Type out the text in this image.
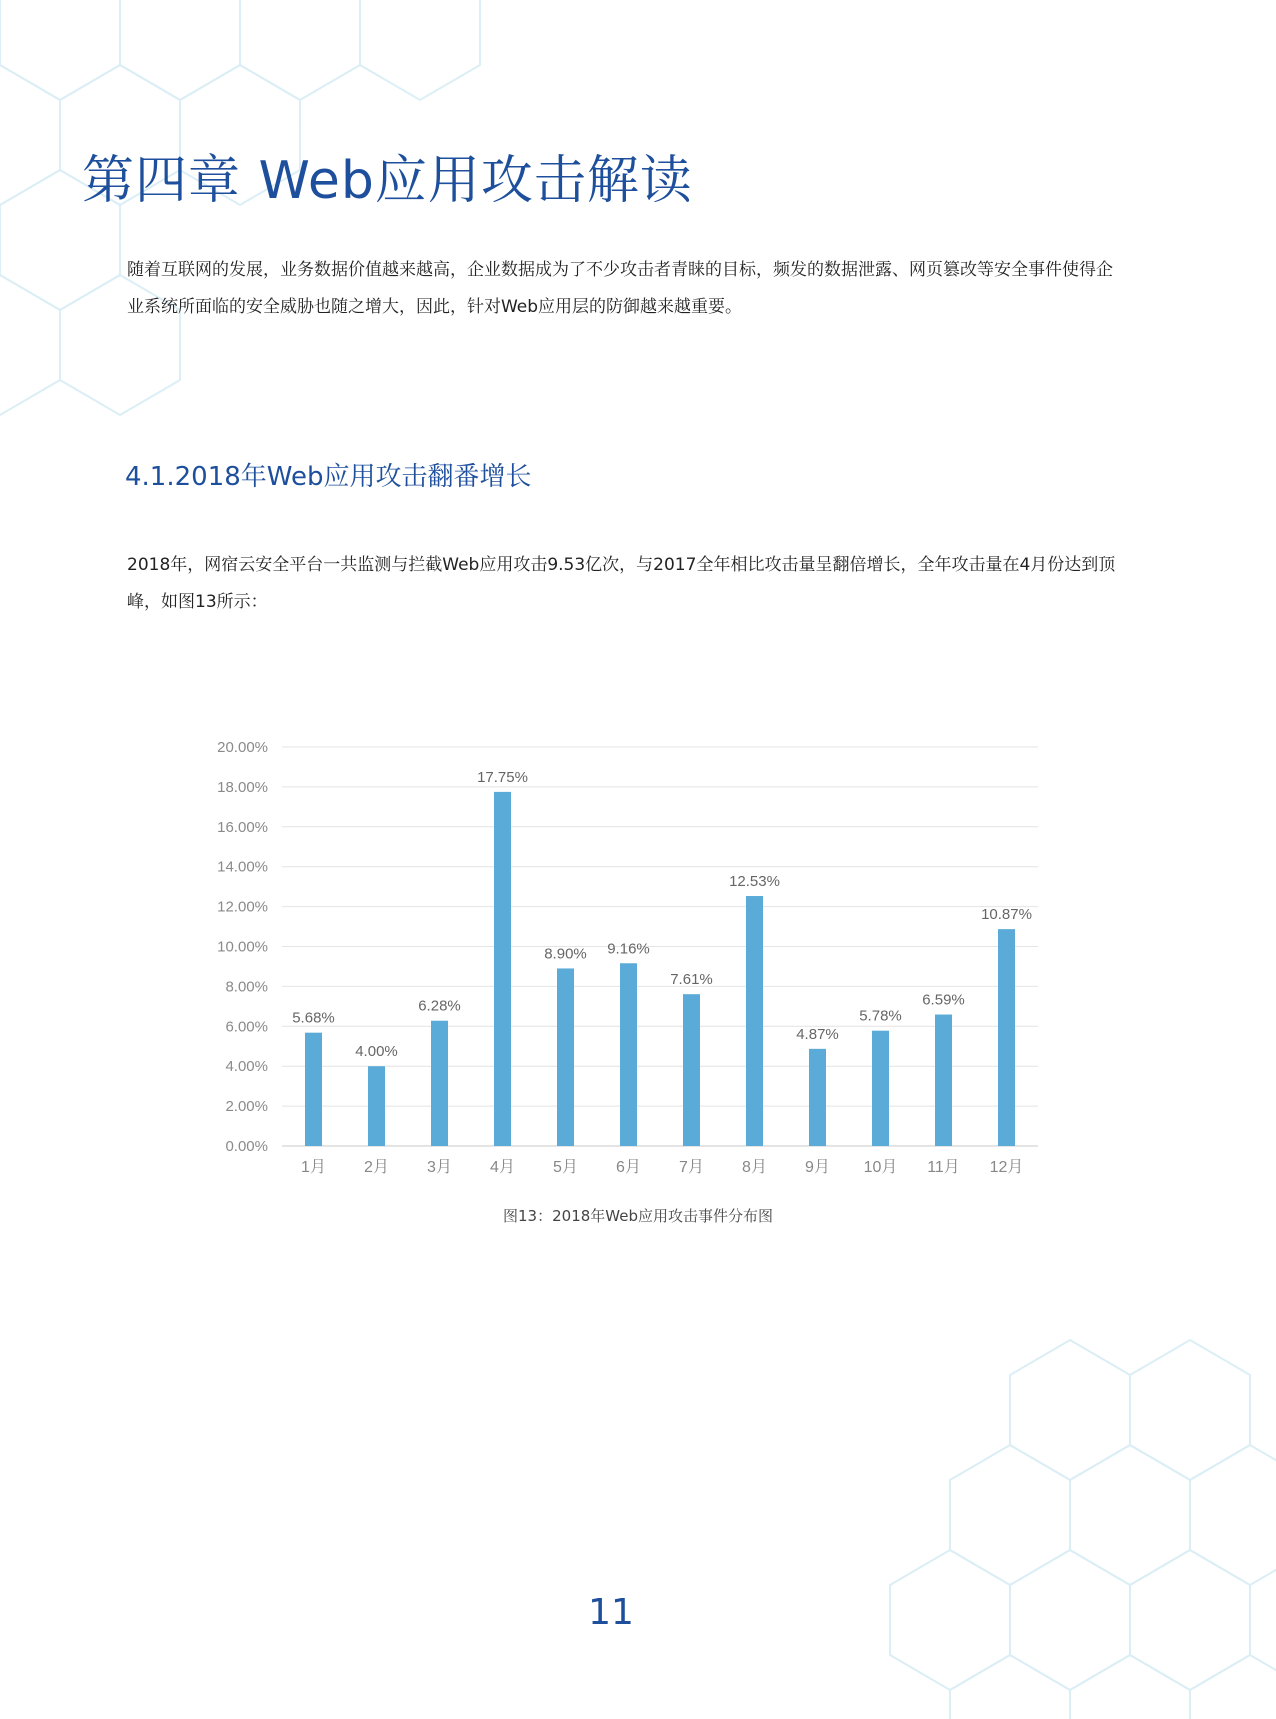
第四章 Web应用攻击解读

随着互联网的发展，业务数据价值越来越高，企业数据成为了不少攻击者青睐的目标，频发的数据泄露、网页篡改等安全事件使得企业系统所面临的安全威胁也随之增大，因此，针对Web应用层的防御越来越重要。

4.1.2018年Web应用攻击翻番增长

2018年，网宿云安全平台一共监测与拦截Web应用攻击9.53亿次，与2017全年相比攻击量呈翻倍增长，全年攻击量在4月份达到顶峰，如图13所示：

0.00%
2.00%
4.00%
6.00%
8.00%
10.00%
12.00%
14.00%
16.00%
18.00%
20.00%
5.68%
1月
4.00%
2月
6.28%
3月
17.75%
4月
8.90%
5月
9.16%
6月
7.61%
7月
12.53%
8月
4.87%
9月
5.78%
10月
6.59%
11月
10.87%
12月

图13：2018年Web应用攻击事件分布图

11
